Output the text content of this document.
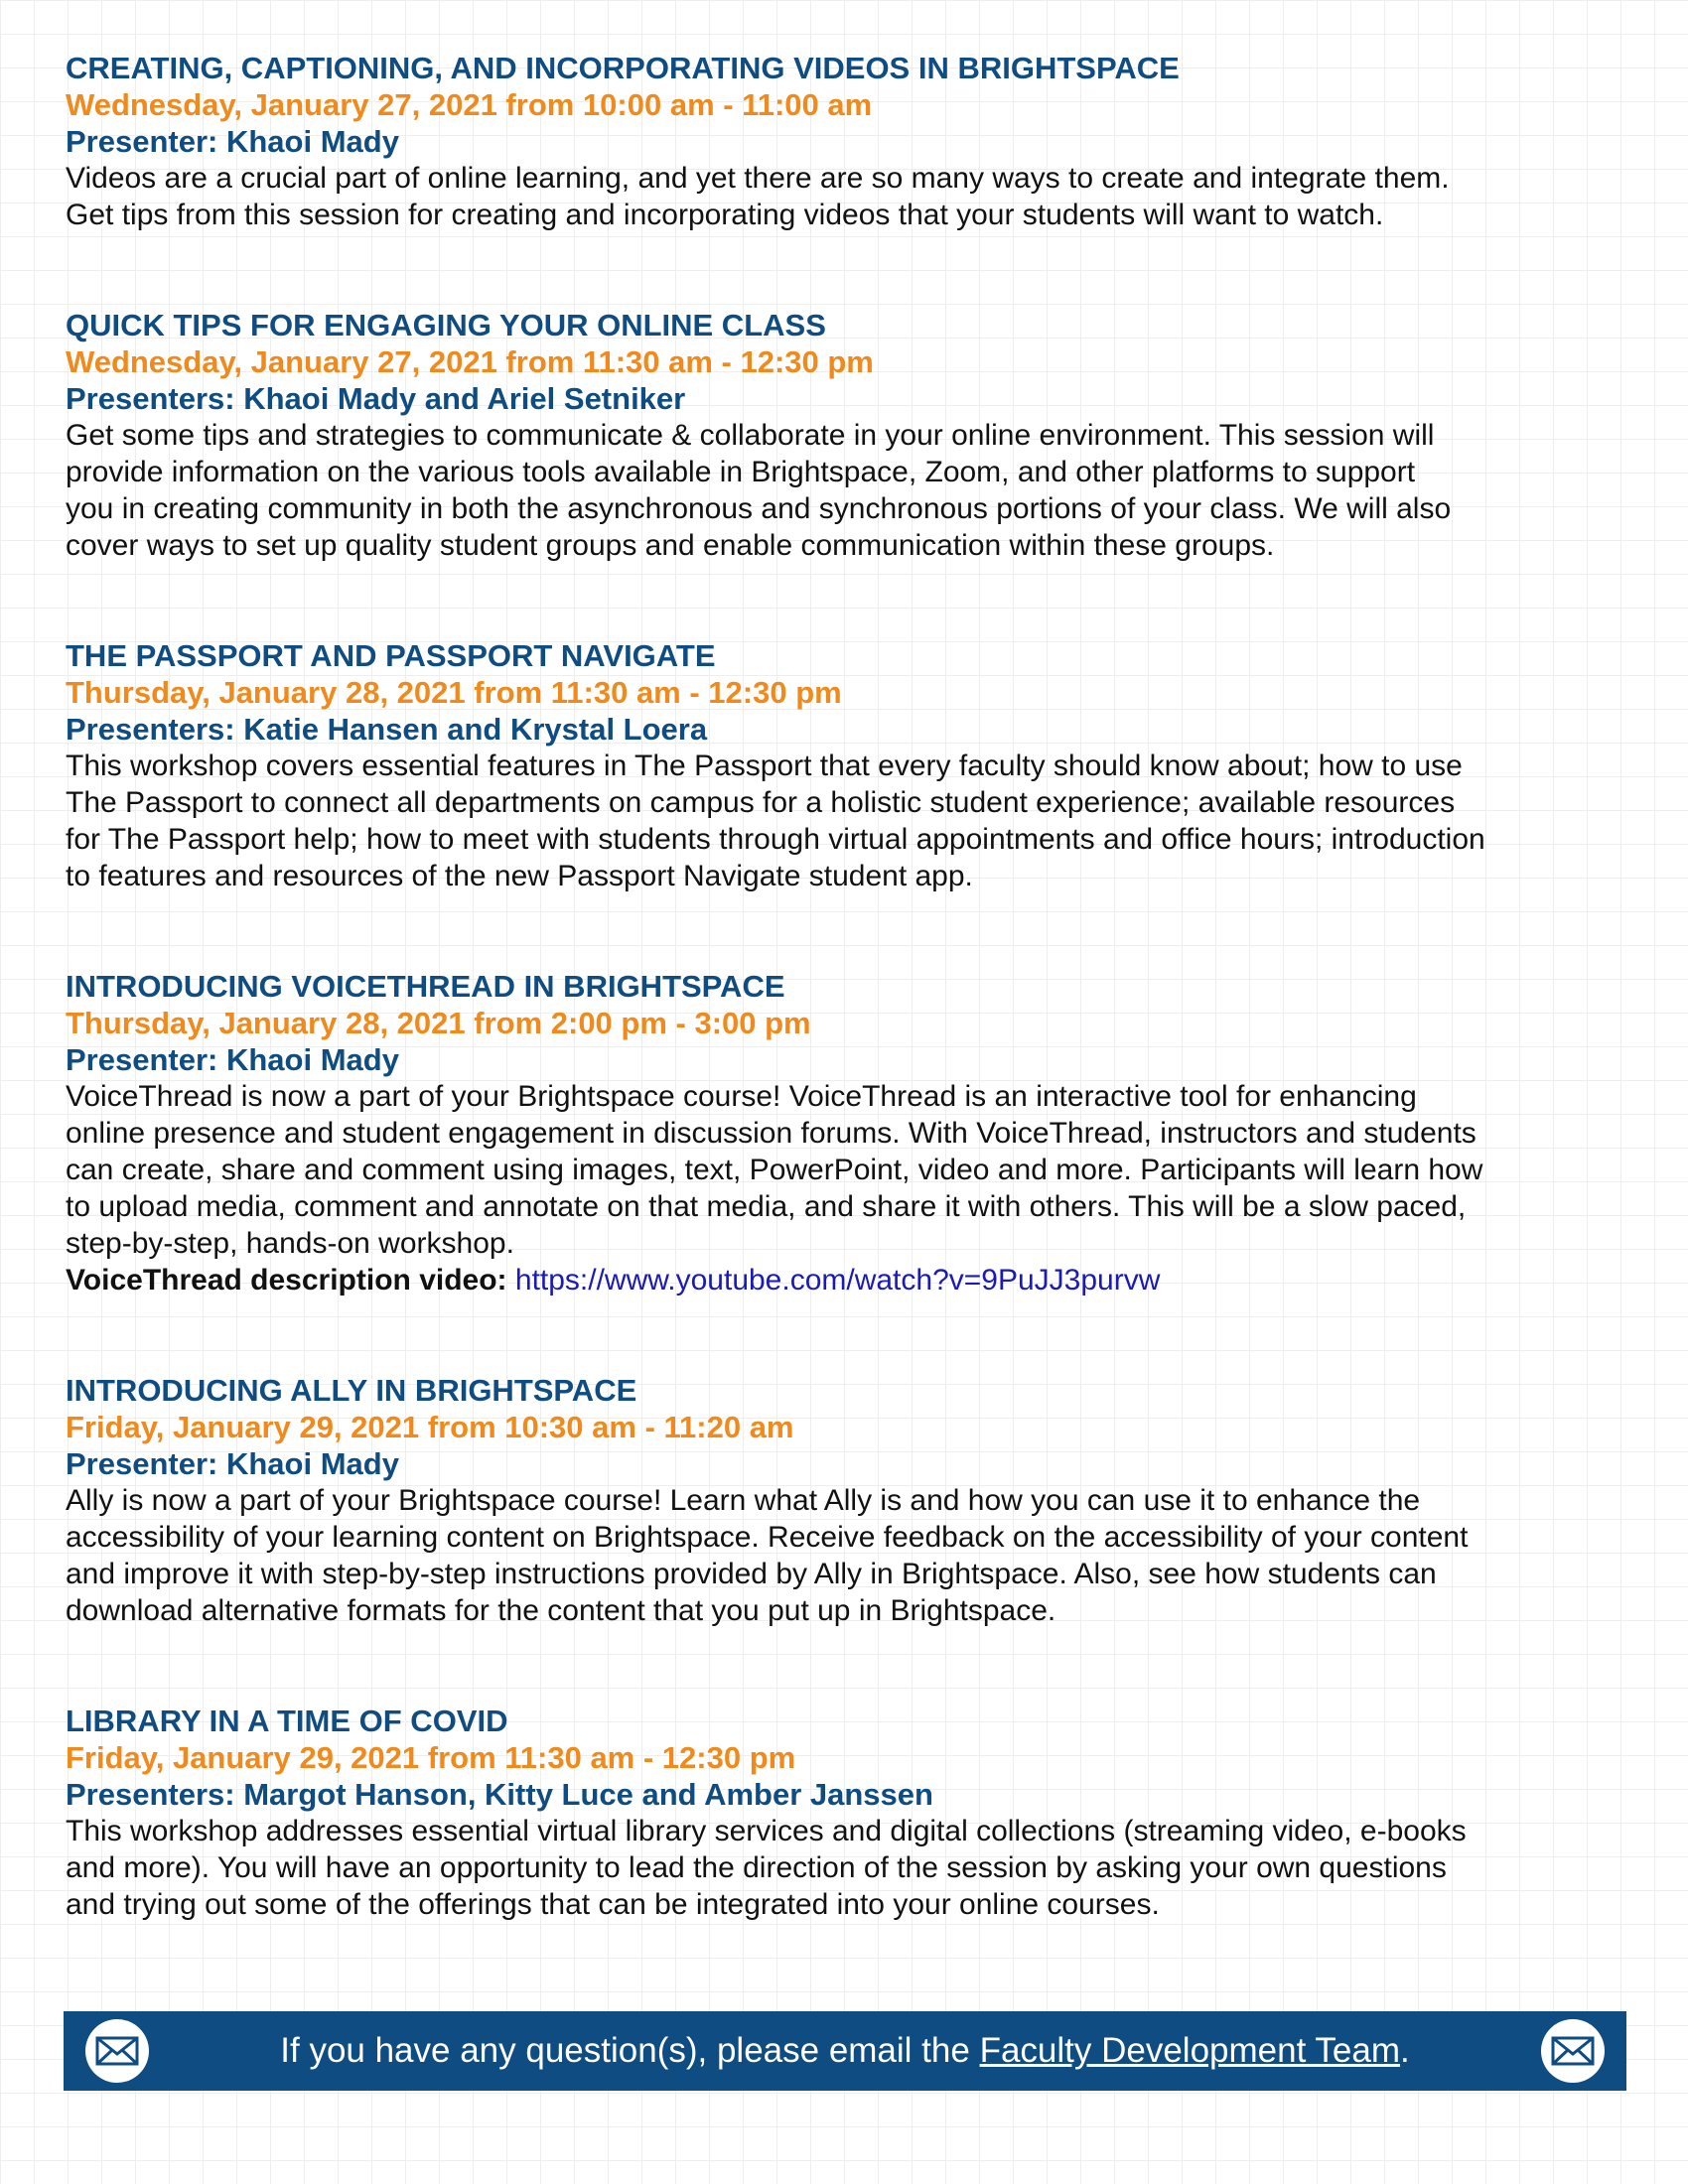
CREATING, CAPTIONING, AND INCORPORATING VIDEOS IN BRIGHTSPACE
Wednesday, January 27, 2021 from 10:00 am - 11:00 am
Presenter: Khaoi Mady
Videos are a crucial part of online learning, and yet there are so many ways to create and integrate them.
Get tips from this session for creating and incorporating videos that your students will want to watch.
QUICK TIPS FOR ENGAGING YOUR ONLINE CLASS
Wednesday, January 27, 2021 from 11:30 am - 12:30 pm
Presenters: Khaoi Mady and Ariel Setniker
Get some tips and strategies to communicate & collaborate in your online environment. This session will
provide information on the various tools available in Brightspace, Zoom, and other platforms to support
you in creating community in both the asynchronous and synchronous portions of your class. We will also
cover ways to set up quality student groups and enable communication within these groups.
THE PASSPORT AND PASSPORT NAVIGATE
Thursday, January 28, 2021 from 11:30 am - 12:30 pm
Presenters: Katie Hansen and Krystal Loera
This workshop covers essential features in The Passport that every faculty should know about; how to use
The Passport to connect all departments on campus for a holistic student experience; available resources
for The Passport help; how to meet with students through virtual appointments and office hours; introduction
to features and resources of the new Passport Navigate student app.
INTRODUCING VOICETHREAD IN BRIGHTSPACE
Thursday, January 28, 2021 from 2:00 pm - 3:00 pm
Presenter: Khaoi Mady
VoiceThread is now a part of your Brightspace course! VoiceThread is an interactive tool for enhancing
online presence and student engagement in discussion forums. With VoiceThread, instructors and students
can create, share and comment using images, text, PowerPoint, video and more. Participants will learn how
to upload media, comment and annotate on that media, and share it with others. This will be a slow paced,
step-by-step, hands-on workshop.
VoiceThread description video: https://www.youtube.com/watch?v=9PuJJ3purvw
INTRODUCING ALLY IN BRIGHTSPACE
Friday, January 29, 2021 from 10:30 am - 11:20 am
Presenter: Khaoi Mady
Ally is now a part of your Brightspace course! Learn what Ally is and how you can use it to enhance the
accessibility of your learning content on Brightspace. Receive feedback on the accessibility of your content
and improve it with step-by-step instructions provided by Ally in Brightspace. Also, see how students can
download alternative formats for the content that you put up in Brightspace.
LIBRARY IN A TIME OF COVID
Friday, January 29, 2021 from 11:30 am - 12:30 pm
Presenters: Margot Hanson, Kitty Luce and Amber Janssen
This workshop addresses essential virtual library services and digital collections (streaming video, e-books
and more). You will have an opportunity to lead the direction of the session by asking your own questions
and trying out some of the offerings that can be integrated into your online courses.
If you have any question(s), please email the Faculty Development Team.
